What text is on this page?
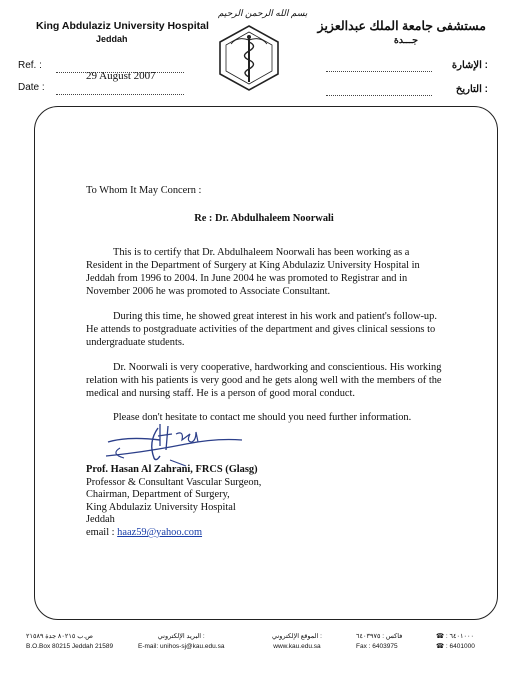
King Abdulaziz University Hospital
Jeddah
بسم الله الرحمن الرحيم
مستشفى جامعة الملك عبدالعزيز
جـــدة
Ref. :
29 August 2007
Date :
: الإشارة
: التاريخ

To Whom It May Concern :

Re : Dr. Abdulhaleem Noorwali

This is to certify that Dr. Abdulhaleem Noorwali has been working as a Resident in the Department of Surgery at King Abdulaziz University Hospital in Jeddah from 1996 to 2004. In June 2004 he was promoted to Registrar and in November 2006 he was promoted to Associate Consultant.

During this time, he showed great interest in his work and patient's follow-up. He attends to postgraduate activities of the department and gives clinical sessions to undergraduate students.

Dr. Noorwali is very cooperative, hardworking and conscientious. His working relation with his patients is very good and he gets along well with the members of the medical and nursing staff. He is a person of good moral conduct.

Please don't hesitate to contact me should you need further information.

Prof. Hasan Al Zahrani, FRCS (Glasg)
Professor & Consultant Vascular Surgeon,
Chairman, Department of Surgery,
King Abdulaziz University Hospital
Jeddah
email : haaz59@yahoo.com
ص.ب ٨٠٢١٥ جدة ٢١٥٨٩
B.O.Box 80215 Jeddah 21589
البريد الإلكتروني :
E-mail: unihos-sj@kau.edu.sa
الموقع الإلكتروني :
www.kau.edu.sa
فاكس : ٦٤٠٣٩٧٥
Fax : 6403975
☎ : ٦٤٠١٠٠٠
☎ : 6401000
